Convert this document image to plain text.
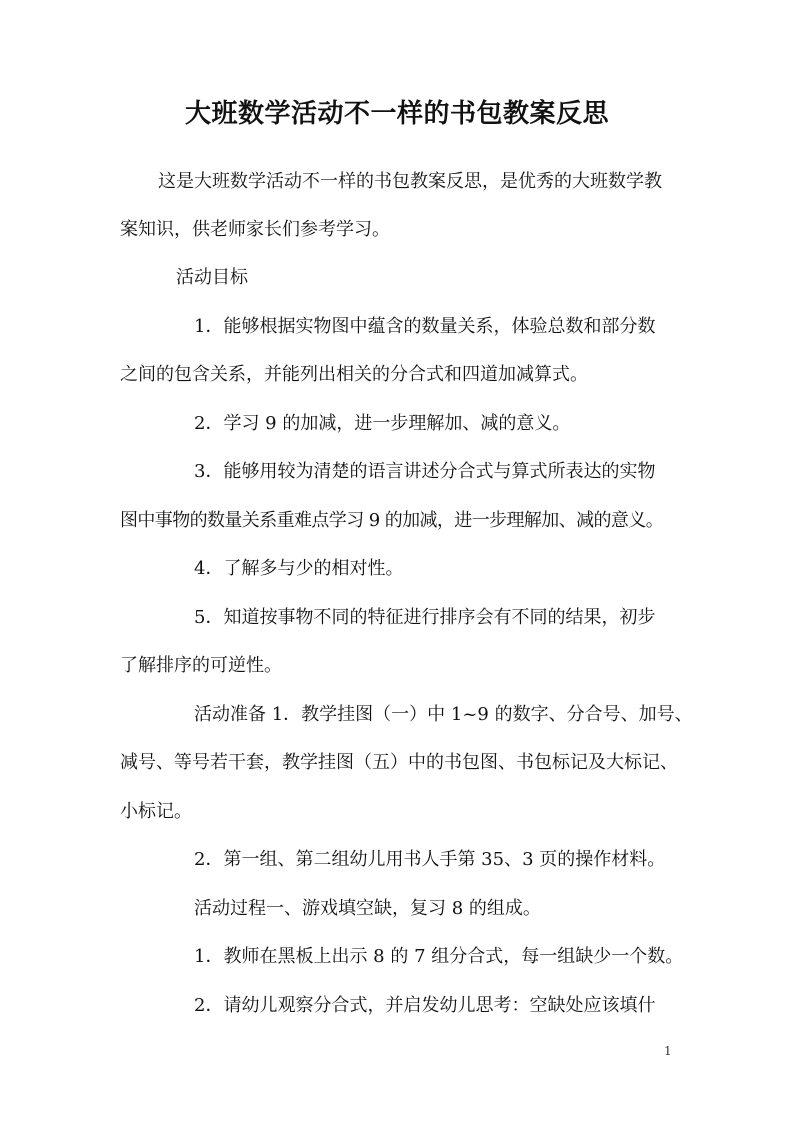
大班数学活动不一样的书包教案反思

这是大班数学活动不一样的书包教案反思，是优秀的大班数学教

案知识，供老师家长们参考学习。

活动目标

1．能够根据实物图中蕴含的数量关系，体验总数和部分数

之间的包含关系，并能列出相关的分合式和四道加减算式。

2．学习 9 的加减，进一步理解加、减的意义。

3．能够用较为清楚的语言讲述分合式与算式所表达的实物

图中事物的数量关系重难点学习 9 的加减，进一步理解加、减的意义。

4．了解多与少的相对性。

5．知道按事物不同的特征进行排序会有不同的结果，初步

了解排序的可逆性。

活动准备 1．教学挂图（一）中 1~9 的数字、分合号、加号、

减号、等号若干套，教学挂图（五）中的书包图、书包标记及大标记、

小标记。

2．第一组、第二组幼儿用书人手第 35、3 页的操作材料。

活动过程一、游戏填空缺，复习 8 的组成。

1．教师在黑板上出示 8 的 7 组分合式，每一组缺少一个数。

2．请幼儿观察分合式，并启发幼儿思考：空缺处应该填什

1
